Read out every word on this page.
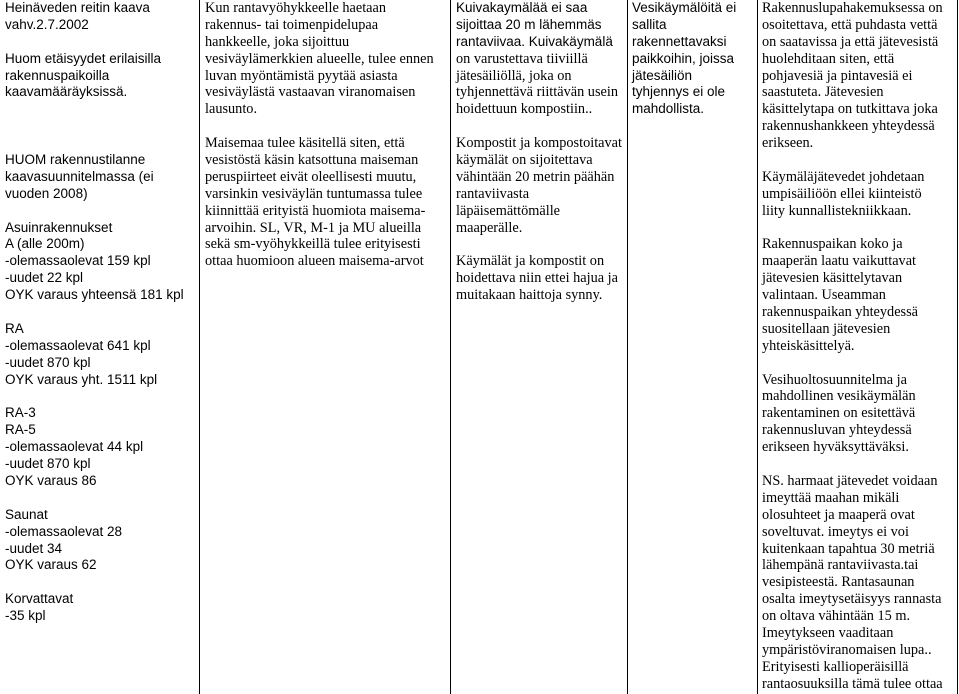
Heinäveden reitin kaava
vahv.2.7.2002
Huom etäisyydet erilaisilla
rakennuspaikoilla
kaavamääräyksissä.
HUOM rakennustilanne
kaavasuunnitelmassa (ei
vuoden 2008)
Asuinrakennukset
A (alle 200m)
-olemassaolevat 159 kpl
-uudet 22 kpl
OYK varaus yhteensä 181 kpl
RA
-olemassaolevat 641 kpl
-uudet 870 kpl
OYK varaus yht. 1511 kpl
RA-3
RA-5
-olemassaolevat 44 kpl
-uudet 870 kpl
OYK varaus 86
Saunat
-olemassaolevat 28
-uudet 34
OYK varaus 62
Korvattavat
-35 kpl
Kun rantavyöhykkeelle haetaan
rakennus- tai toimenpidelupaa
hankkeelle, joka sijoittuu
vesiväylämerkkien alueelle, tulee ennen
luvan myöntämistä pyytää asiasta
vesiväylästä vastaavan viranomaisen
lausunto.
Maisemaa tulee käsitellä siten, että
vesistöstä käsin katsottuna maiseman
peruspiirteet eivät oleellisesti muutu,
varsinkin vesiväylän tuntumassa tulee
kiinnittää erityistä huomiota maisema-
arvoihin. SL, VR, M-1 ja MU alueilla
sekä sm-vyöhykkeillä tulee erityisesti
ottaa huomioon alueen maisema-arvot
Kuivakaymälää ei saa
sijoittaa 20 m lähemmäs
rantaviivaa. Kuivakäymälä
on varustettava tiiviillä
jätesäiliöllä, joka on
tyhjennettävä riittävän usein
hoidettuun kompostiin..
Kompostit ja kompostoitavat
käymälät on sijoitettava
vähintään 20 metrin päähän
rantaviivasta
läpäisemättömälle
maaperälle.
Käymälät ja kompostit on
hoidettava niin ettei hajua ja
muitakaan haittoja synny.
Vesikäymälöitä ei
sallita
rakennettavaksi
paikkoihin, joissa
jätesäiliön
tyhjennys ei ole
mahdollista.
Rakennuslupahakemuksessa on
osoitettava, että puhdasta vettä
on saatavissa ja että jätevesistä
huolehditaan siten, että
pohjavesiä ja pintavesiä ei
saastuteta. Jätevesien
käsittelytapa on tutkittava joka
rakennushankkeen yhteydessä
erikseen.
Käymäläjätevedet johdetaan
umpisäiliöön ellei kiinteistö
liity kunnallistekniikkaan.
Rakennuspaikan koko ja
maaperän laatu vaikuttavat
jätevesien käsittelytavan
valintaan. Useamman
rakennuspaikan yhteydessä
suositellaan jätevesien
yhteiskäsittelyä.
Vesihuoltosuunnitelma ja
mahdollinen vesikäymälän
rakentaminen on esitettävä
rakennusluvan yhteydessä
erikseen hyväksyttäväksi.
NS. harmaat jätevedet voidaan
imeyttää maahan mikäli
olosuhteet ja maaperä ovat
soveltuvat. imeytys ei voi
kuitenkaan tapahtua 30 metriä
lähempänä rantaviivasta.tai
vesipisteestä. Rantasaunan
osalta imeytysetäisyys rannasta
on oltava vähintään 15 m.
Imeytykseen vaaditaan
ympäristöviranomaisen lupa..
Erityisesti kallioperäisillä
rantaosuuksilla tämä tulee ottaa
